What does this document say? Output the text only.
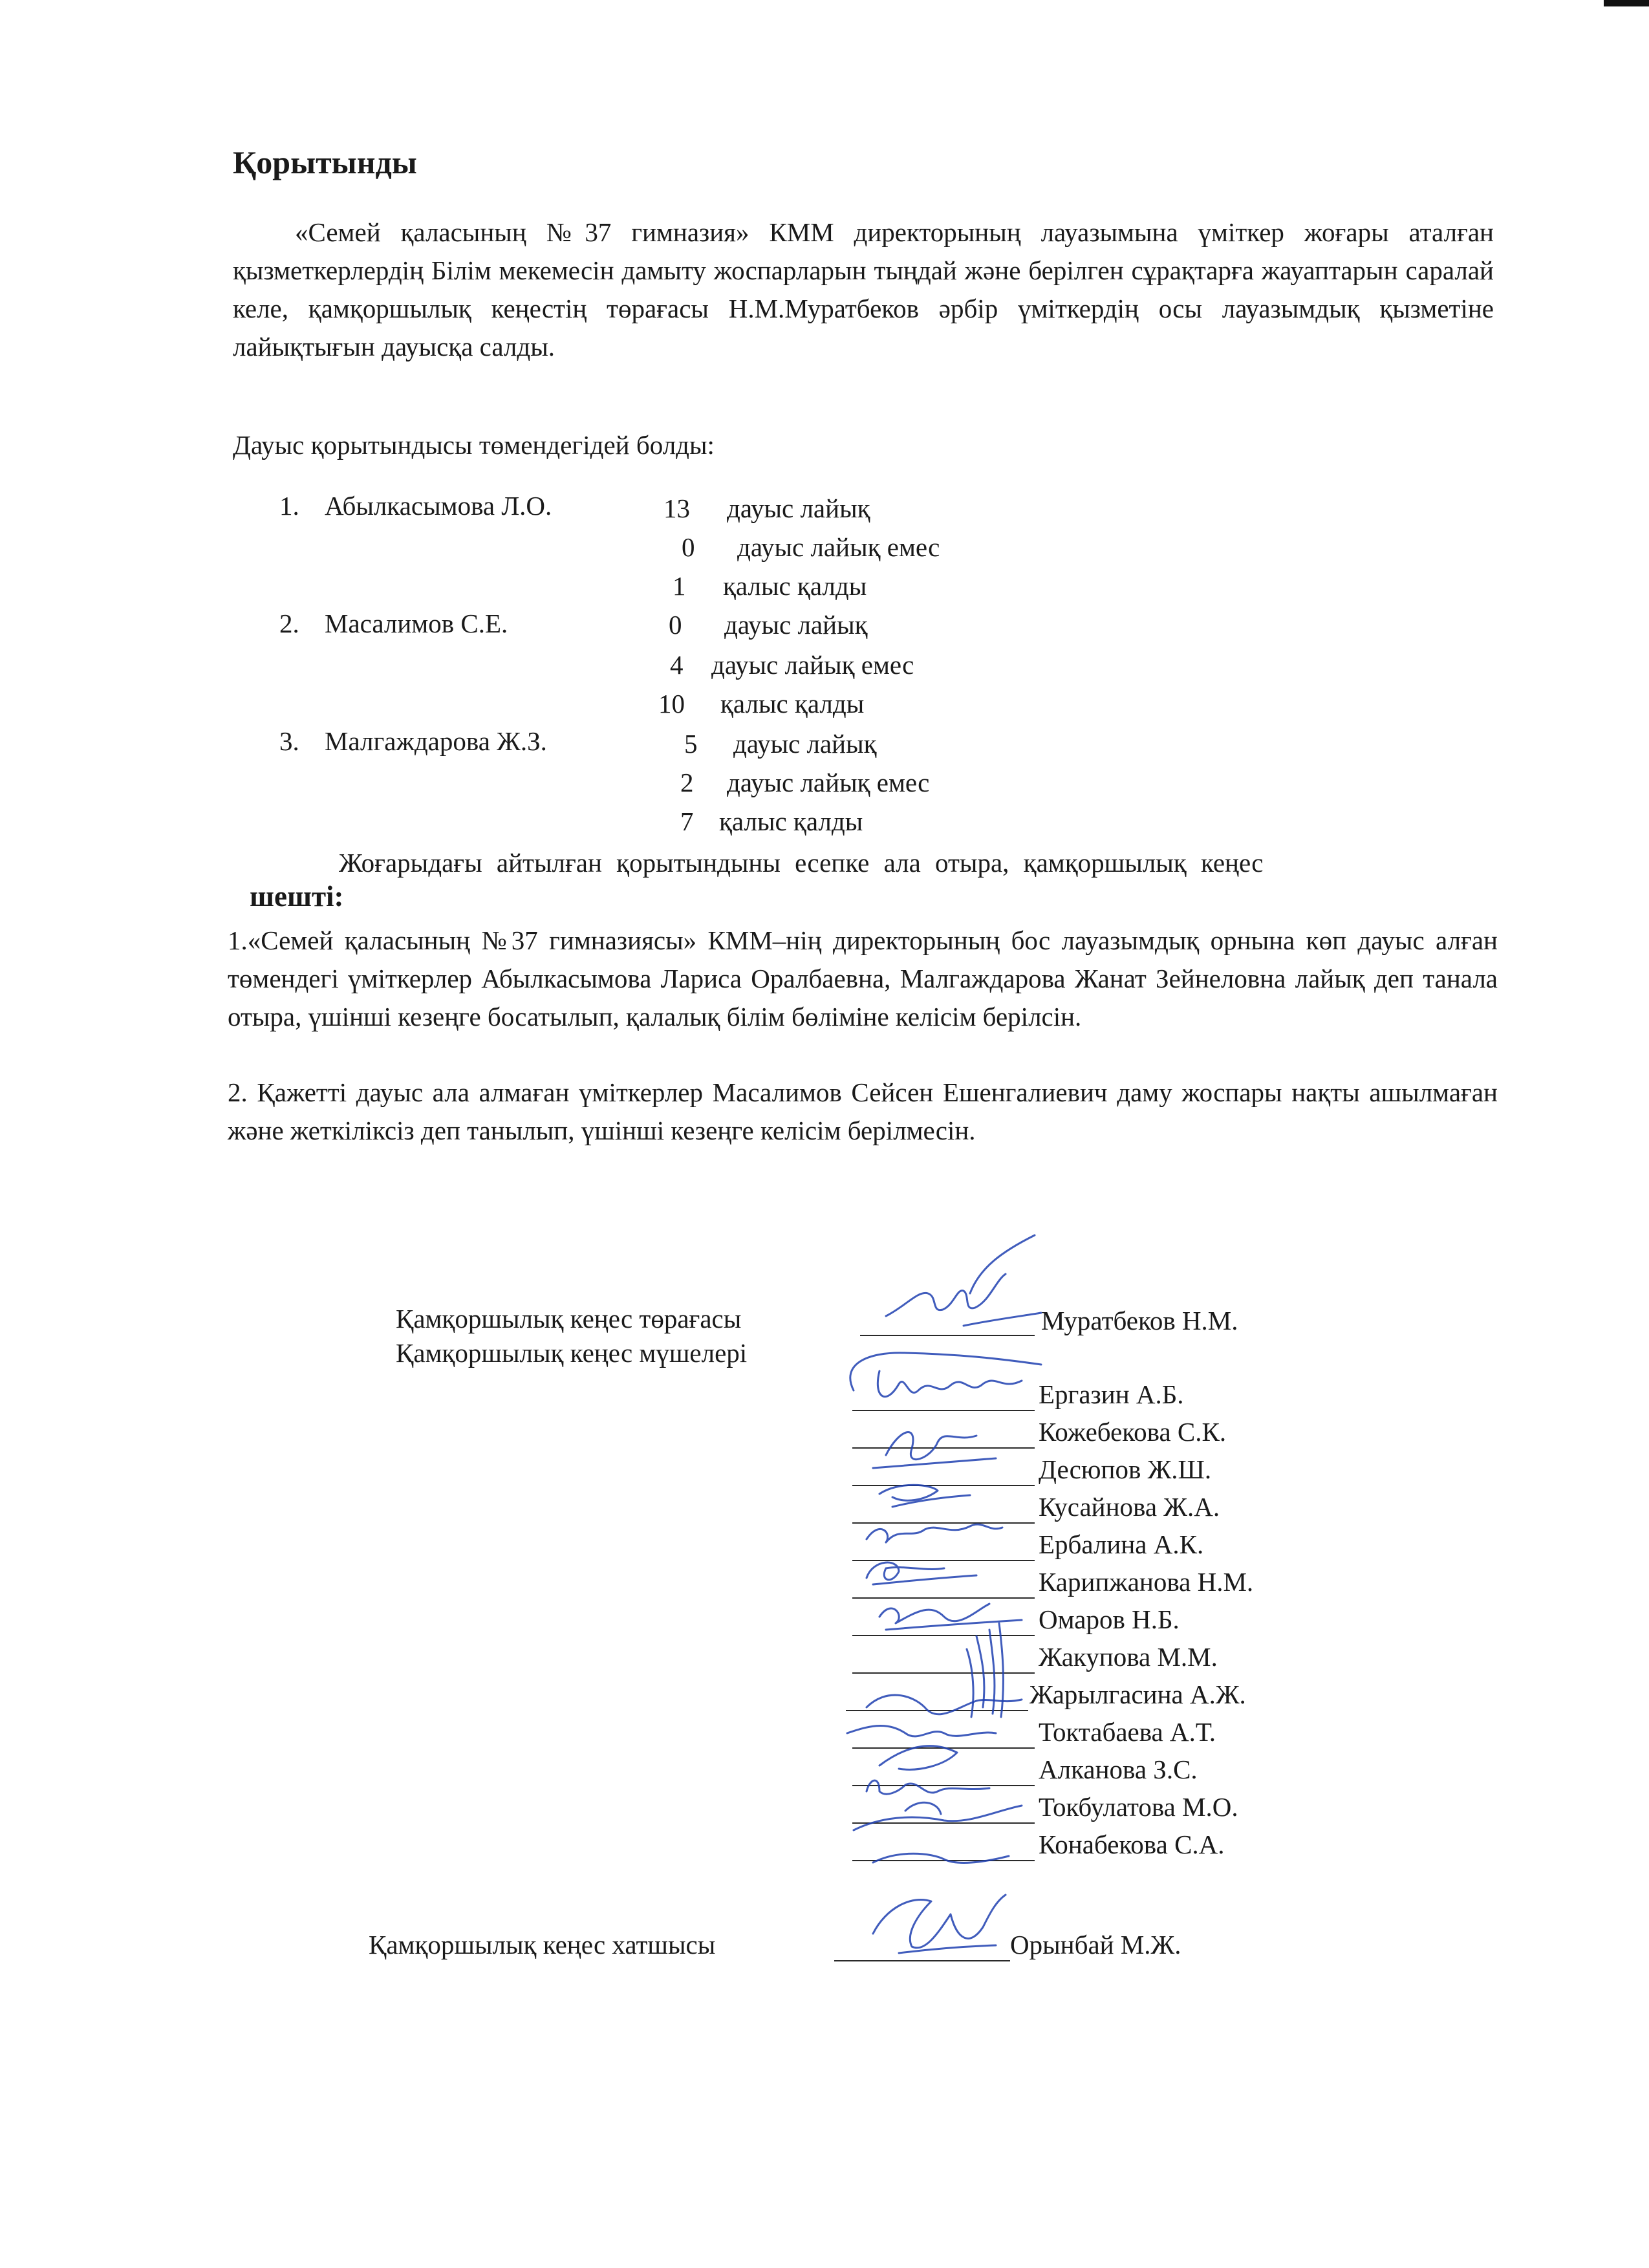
Қорытынды
«Семей қаласының №37 гимназия» КММ директорының лауазымына үміткер жоғары аталған қызметкерлердің Білім мекемесін дамыту жоспарларын тыңдай және берілген сұрақтарға жауаптарын саралай келе, қамқоршылық кеңестің төрағасы Н.М.Муратбеков әрбір үміткердің осы лауазымдық қызметіне лайықтығын дауысқа салды.
Дауыс қорытындысы төмендегідей болды:
1. Абылкасымова Л.О.	13 дауыс лайық
0 дауыс лайық емес
1 қалыс қалды
2. Масалимов С.Е.	0 дауыс лайық
4 дауыс лайық емес
10 қалыс қалды
3. Малгаждарова Ж.З.	5 дауыс лайық
2 дауыс лайық емес
7 қалыс қалды
Жоғарыдағы айтылған қорытындыны есепке ала отыра, қамқоршылық кеңес
шешті:
1.«Семей қаласының №37 гимназиясы» КММ–нің директорының бос лауазымдық орнына көп дауыс алған төмендегі үміткерлер Абылкасымова Лариса Оралбаевна, Малгаждарова Жанат Зейнеловна лайық деп танала отыра, үшінші кезеңге босатылып, қалалық білім бөліміне келісім берілсін.
2. Қажетті дауыс ала алмаған үміткерлер Масалимов Сейсен Ешенгалиевич даму жоспары нақты ашылмаған және жеткіліксіз деп танылып, үшінші кезеңге келісім берілмесін.
Қамқоршылық кеңес төрағасы	Муратбеков Н.М.
Қамқоршылық кеңес мүшелері
Ергазин А.Б.
Кожебекова С.К.
Десюпов Ж.Ш.
Кусайнова Ж.А.
Ербалина А.К.
Карипжанова Н.М.
Омаров Н.Б.
Жакупова М.М.
Жарылгасина А.Ж.
Токтабаева А.Т.
Алканова З.С.
Токбулатова М.О.
Конабекова С.А.
Қамқоршылық кеңес хатшысы	Орынбай М.Ж.
